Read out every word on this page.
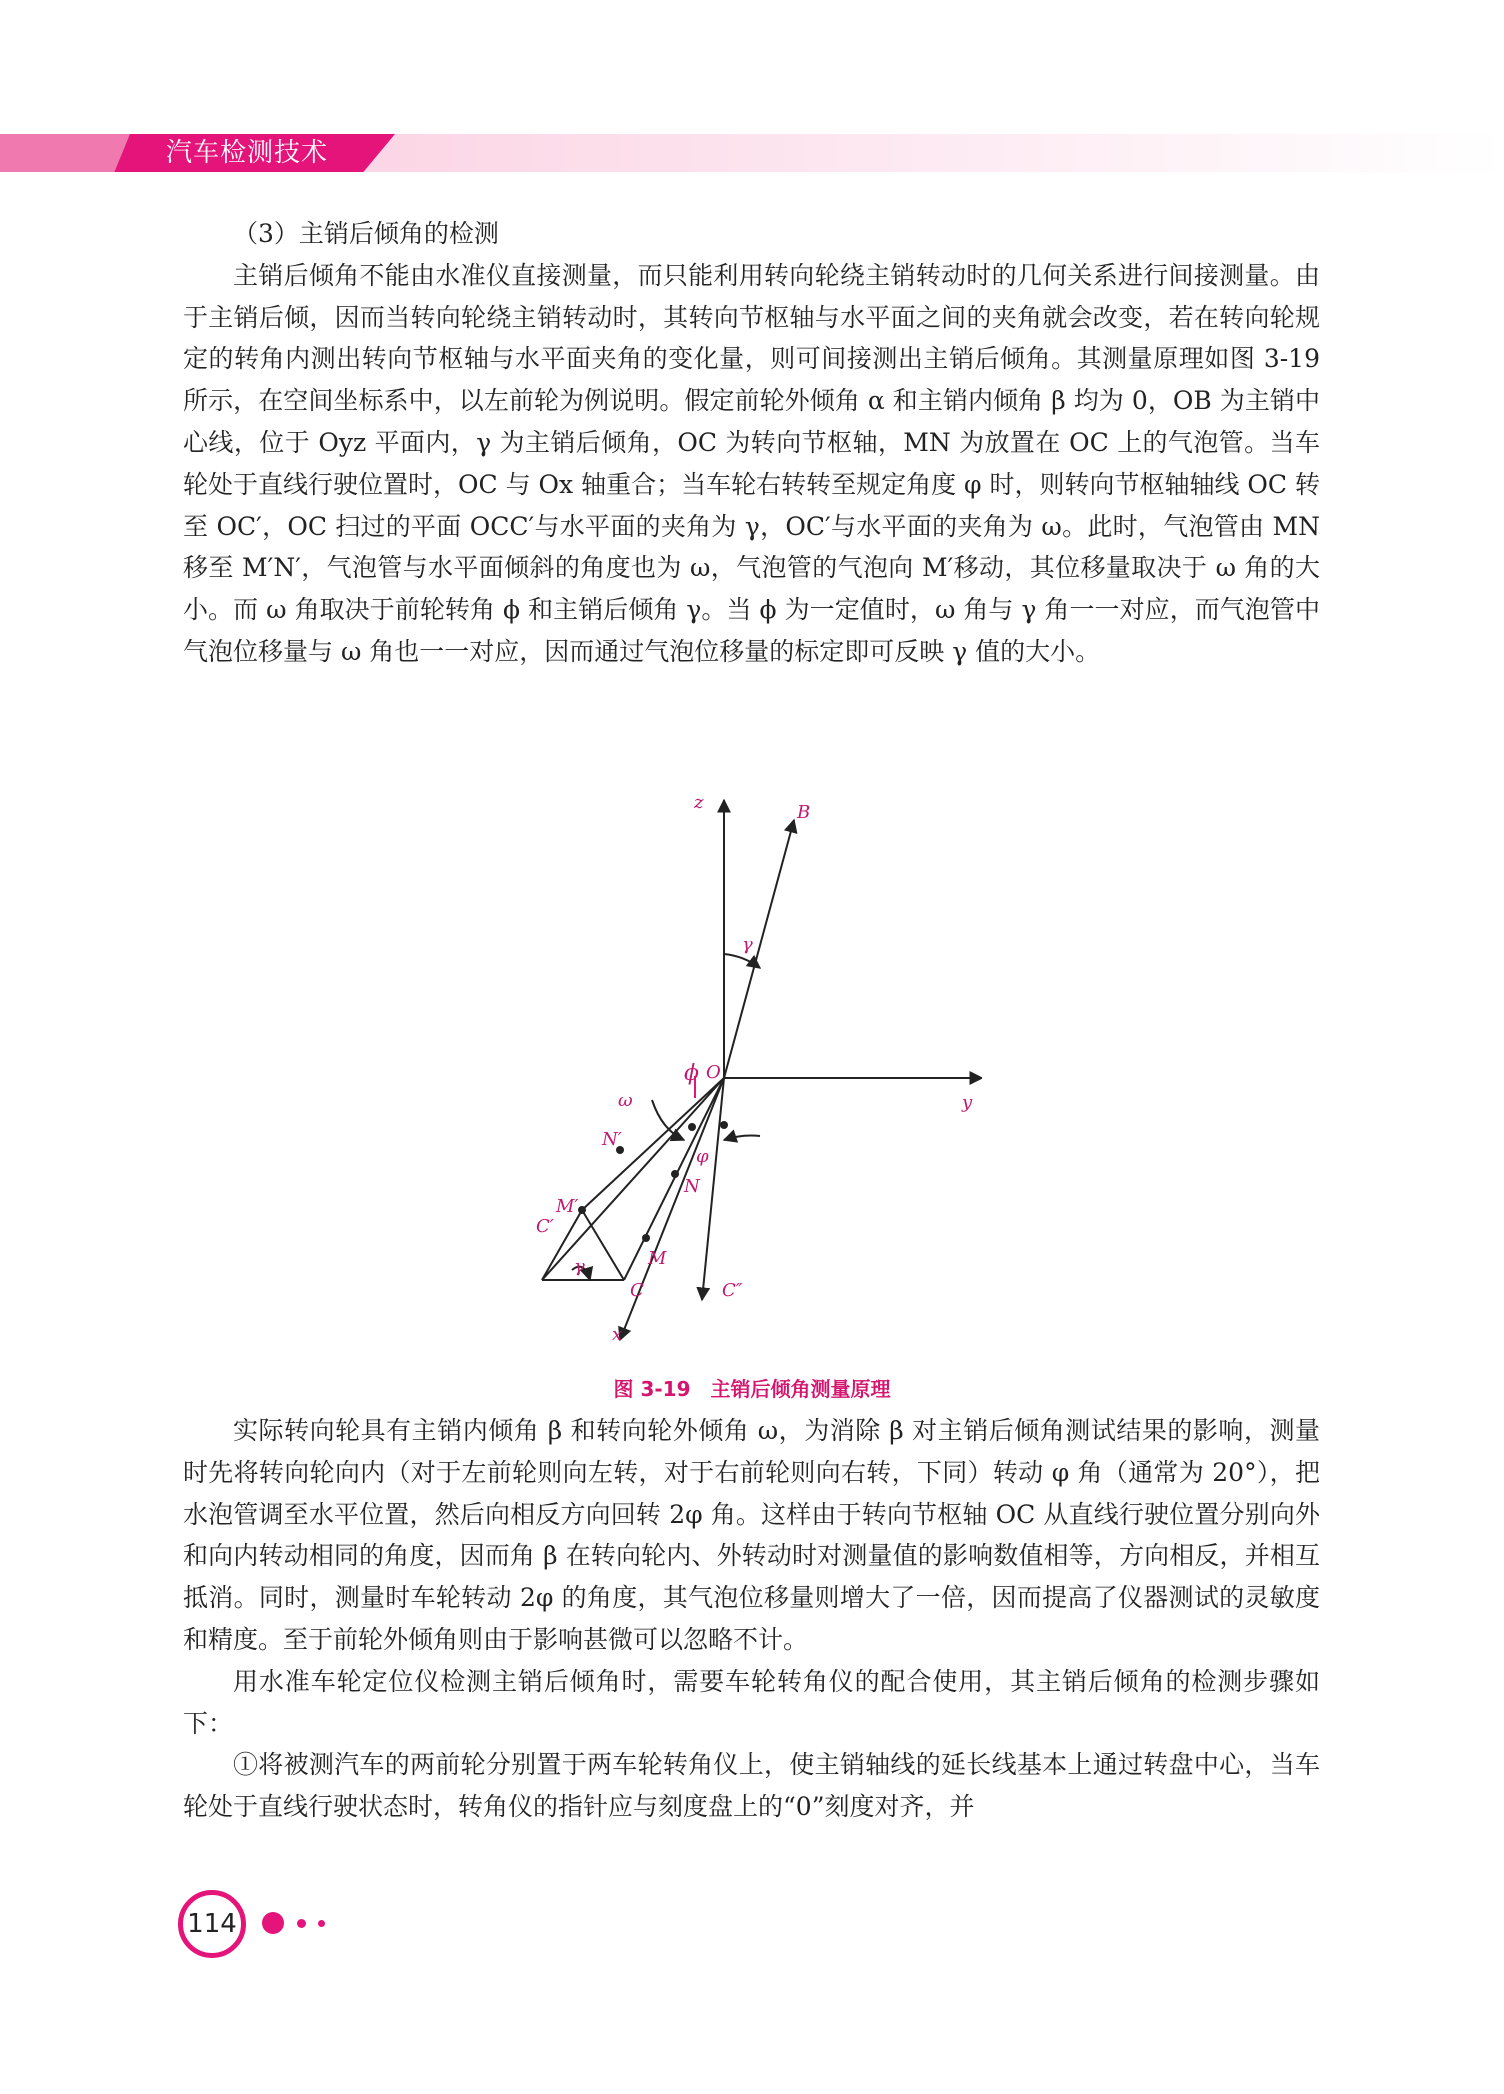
汽车检测技术

（3）主销后倾角的检测

主销后倾角不能由水准仪直接测量，而只能利用转向轮绕主销转动时的几何关系进行间接测量。由于主销后倾，因而当转向轮绕主销转动时，其转向节枢轴与水平面之间的夹角就会改变，若在转向轮规定的转角内测出转向节枢轴与水平面夹角的变化量，则可间接测出主销后倾角。其测量原理如图 3-19 所示，在空间坐标系中，以左前轮为例说明。假定前轮外倾角 α 和主销内倾角 β 均为 0，OB 为主销中心线，位于 Oyz 平面内，γ 为主销后倾角，OC 为转向节枢轴，MN 为放置在 OC 上的气泡管。当车轮处于直线行驶位置时，OC 与 Ox 轴重合；当车轮右转转至规定角度 φ 时，则转向节枢轴轴线 OC 转至 OC′，OC 扫过的平面 OCC′与水平面的夹角为 γ，OC′与水平面的夹角为 ω。此时，气泡管由 MN 移至 M′N′，气泡管与水平面倾斜的角度也为 ω，气泡管的气泡向 M′移动，其位移量取决于 ω 角的大小。而 ω 角取决于前轮转角 ϕ 和主销后倾角 γ。当 ϕ 为一定值时，ω 角与 γ 角一一对应，而气泡管中气泡位移量与 ω 角也一一对应，因而通过气泡位移量的标定即可反映 γ 值的大小。

z	B
γ
ϕ O
y
ω
N′
φ
N
M′
C′
γ	M
C	C″
x
图 3-19　主销后倾角测量原理

实际转向轮具有主销内倾角 β 和转向轮外倾角 ω，为消除 β 对主销后倾角测试结果的影响，测量时先将转向轮向内（对于左前轮则向左转，对于右前轮则向右转，下同）转动 φ 角（通常为 20°），把水泡管调至水平位置，然后向相反方向回转 2φ 角。这样由于转向节枢轴 OC 从直线行驶位置分别向外和向内转动相同的角度，因而角 β 在转向轮内、外转动时对测量值的影响数值相等，方向相反，并相互抵消。同时，测量时车轮转动 2φ 的角度，其气泡位移量则增大了一倍，因而提高了仪器测试的灵敏度和精度。至于前轮外倾角则由于影响甚微可以忽略不计。

用水准车轮定位仪检测主销后倾角时，需要车轮转角仪的配合使用，其主销后倾角的检测步骤如下：

①将被测汽车的两前轮分别置于两车轮转角仪上，使主销轴线的延长线基本上通过转盘中心，当车轮处于直线行驶状态时，转角仪的指针应与刻度盘上的“0”刻度对齐，并

114
